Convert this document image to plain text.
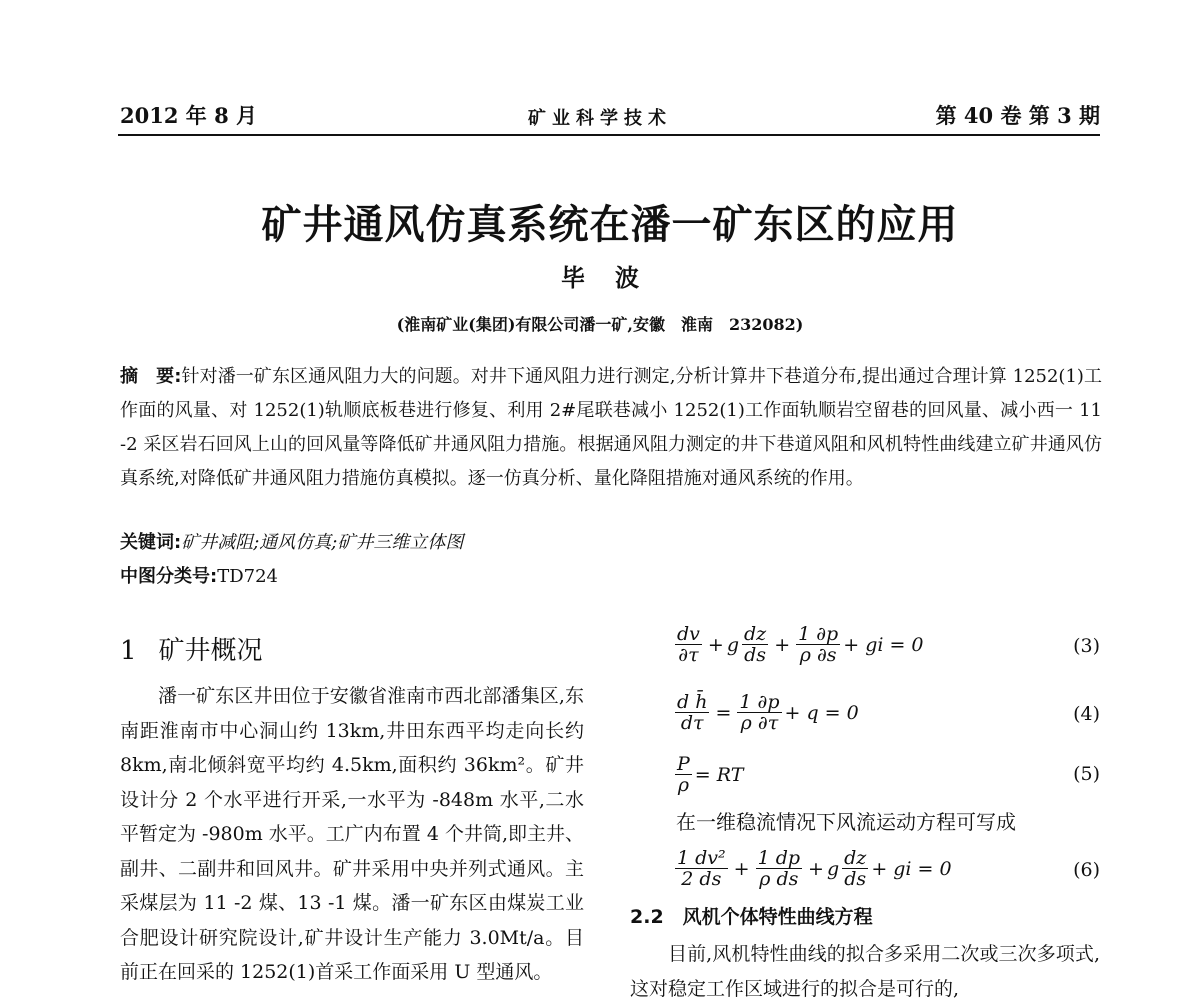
2012 年 8 月	矿业科学技术	第 40 卷 第 3 期
矿井通风仿真系统在潘一矿东区的应用
毕波
(淮南矿业(集团)有限公司潘一矿,安徽　淮南　232082)
摘　要:针对潘一矿东区通风阻力大的问题。对井下通风阻力进行测定,分析计算井下巷道分布,提出通过合理计算 1252(1)工作面的风量、对 1252(1)轨顺底板巷进行修复、利用 2#尾联巷减小 1252(1)工作面轨顺岩空留巷的回风量、减小西一 11 -2 采区岩石回风上山的回风量等降低矿井通风阻力措施。根据通风阻力测定的井下巷道风阻和风机特性曲线建立矿井通风仿真系统,对降低矿井通风阻力措施仿真模拟。逐一仿真分析、量化降阻措施对通风系统的作用。
关键词:矿井减阻;通风仿真;矿井三维立体图
中图分类号:TD724
1 矿井概况
潘一矿东区井田位于安徽省淮南市西北部潘集区,东南距淮南市中心洞山约 13km,井田东西平均走向长约 8km,南北倾斜宽平均约 4.5km,面积约 36km²。矿井设计分 2 个水平进行开采,一水平为 -848m 水平,二水平暂定为 -980m 水平。工广内布置 4 个井筒,即主井、副井、二副井和回风井。矿井采用中央并列式通风。主采煤层为 11 -2 煤、13 -1 煤。潘一矿东区由煤炭工业合肥设计研究院设计,矿井设计生产能力 3.0Mt/a。目前正在回采的 1252(1)首采工作面采用 U 型通风。
$\frac{dv}{\partial\tau} + g \frac{dz}{ds} + \frac{1 \partial p}{\rho \partial s}$ + gi = 0	(3)
$\frac{\text{d h̄}}{d\tau} = \frac{1 \partial p}{\rho \partial\tau} + q = 0$	(4)
$\frac{P}{\rho}$ = RT	(5)
在一维稳流情况下风流运动方程可写成
$\frac{\text{1 dv²}}{2 ds} + \frac{1 dp}{\text{ρ ds}} + g \frac{dz}{ds}$ + gi = 0	(6)
2.2　风机个体特性曲线方程
目前,风机特性曲线的拟合多采用二次或三次多项式,这对稳定工作区域进行的拟合是可行的,
